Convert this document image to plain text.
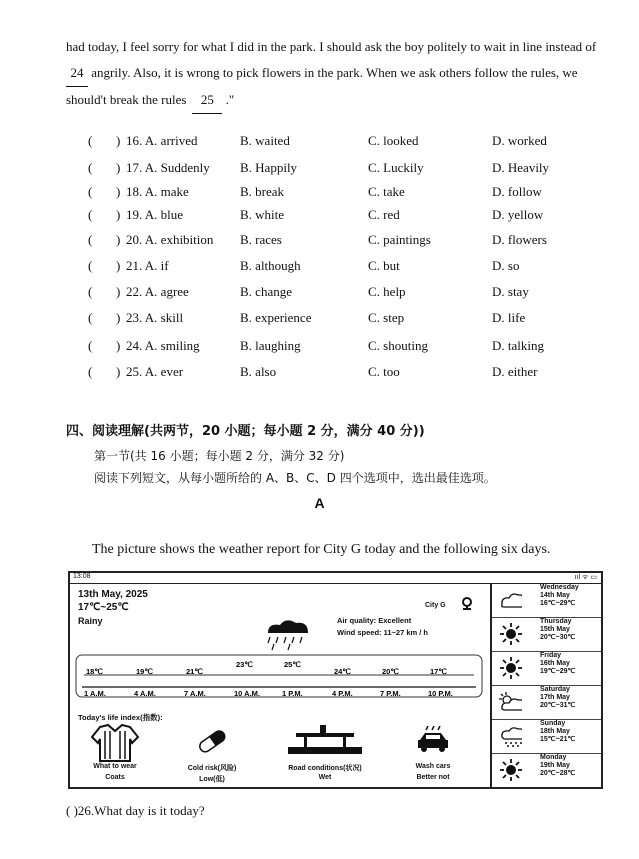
had today, I feel sorry for what I did in the park. I should ask the boy politely to wait in line instead of
24 angrily. Also, it is wrong to pick flowers in the park. When we ask others follow the rules, we
should't break the rules 25 ."
( ) 16. A. arrived	B. waited	C. looked	D. worked
( ) 17. A. Suddenly B. Happily	C. Luckily	D. Heavily
( ) 18. A. make	B. break	C. take	D. follow
( ) 19. A. blue	B. white	C. red	D. yellow
( ) 20. A. exhibition B. races	C. paintings	D. flowers
( ) 21. A. if	B. although	C. but	D. so
( ) 22. A. agree	B. change	C. help	D. stay
( ) 23. A. skill	B. experience	C. step	D. life
( ) 24. A. smiling	B. laughing	C. shouting	D. talking
( ) 25. A. ever	B. also	C. too	D. either
四、阅读理解(共两节，20 小题；每小题 2 分，满分 40 分))
第一节(共 16 小题；每小题 2 分，满分 32 分)
阅读下列短文，从每小题所给的 A、B、C、D 四个选项中，选出最佳选项。
A
The picture shows the weather report for City G today and the following six days.
13:08	ııl ᯤ ▭
13th May, 2025
17℃~25℃
Rainy
City G
Air quality: Excellent
Wind speed: 11~27 km / h
18℃	19℃	21℃
23℃	25℃
24℃	20℃	17℃
1 A.M.	4 A.M.	7 A.M.	10 A.M.	1 P.M.	4 P.M.	7 P.M.	10 P.M.
Today's life index(指数):
What to wear
Coats
Cold risk(风险)
Low(低)
Road conditions(状况)
Wet
Wash cars
Better not
Wednesday
14th May
16℃~29℃
Thursday
15th May
20℃~30℃
Friday
16th May
19℃~29℃
Saturday
17th May
20℃~31℃
Sunday
18th May
15℃~21℃
Monday
19th May
20℃~28℃
( )26.What day is it today?
